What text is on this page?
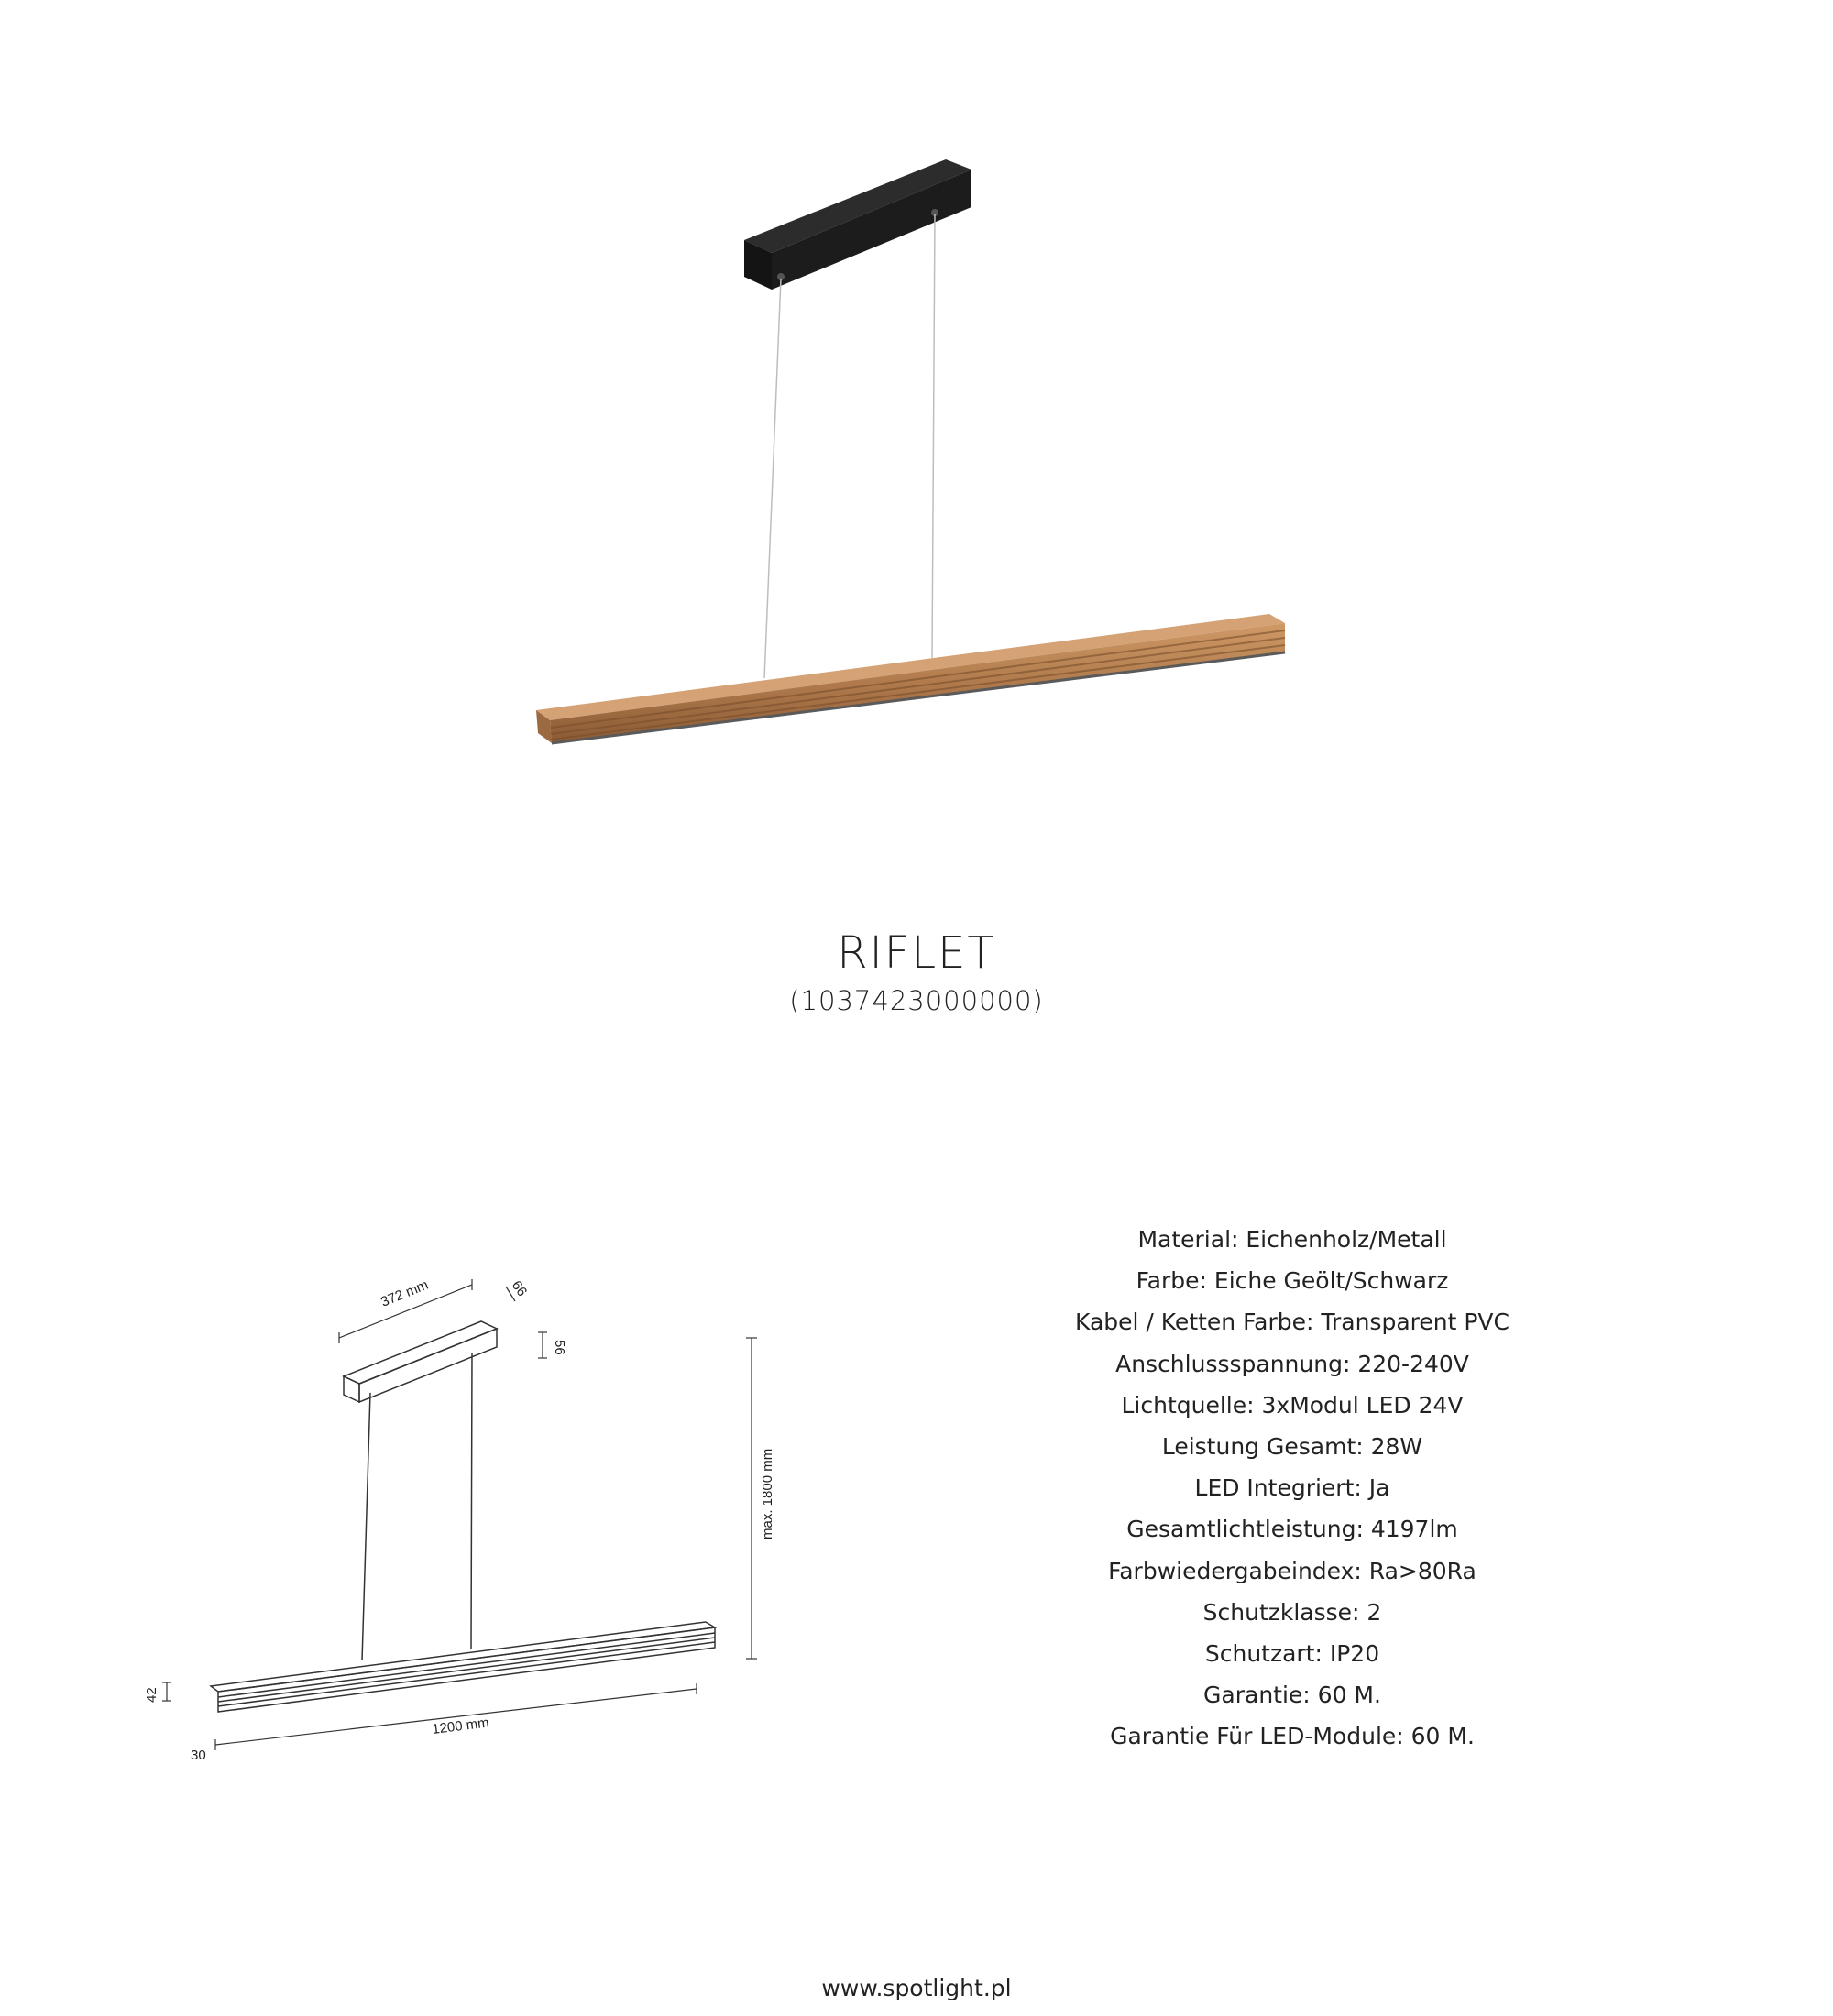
RIFLET
(1037423000000)
372 mm	66
56
max. 1800 mm
42
1200 mm
30
Material: Eichenholz/Metall
Farbe: Eiche Geölt/Schwarz
Kabel / Ketten Farbe: Transparent PVC
Anschlussspannung: 220-240V
Lichtquelle: 3xModul LED 24V
Leistung Gesamt: 28W
LED Integriert: Ja
Gesamtlichtleistung: 4197lm
Farbwiedergabeindex: Ra>80Ra
Schutzklasse: 2
Schutzart: IP20
Garantie: 60 M.
Garantie Für LED-Module: 60 M.
www.spotlight.pl
